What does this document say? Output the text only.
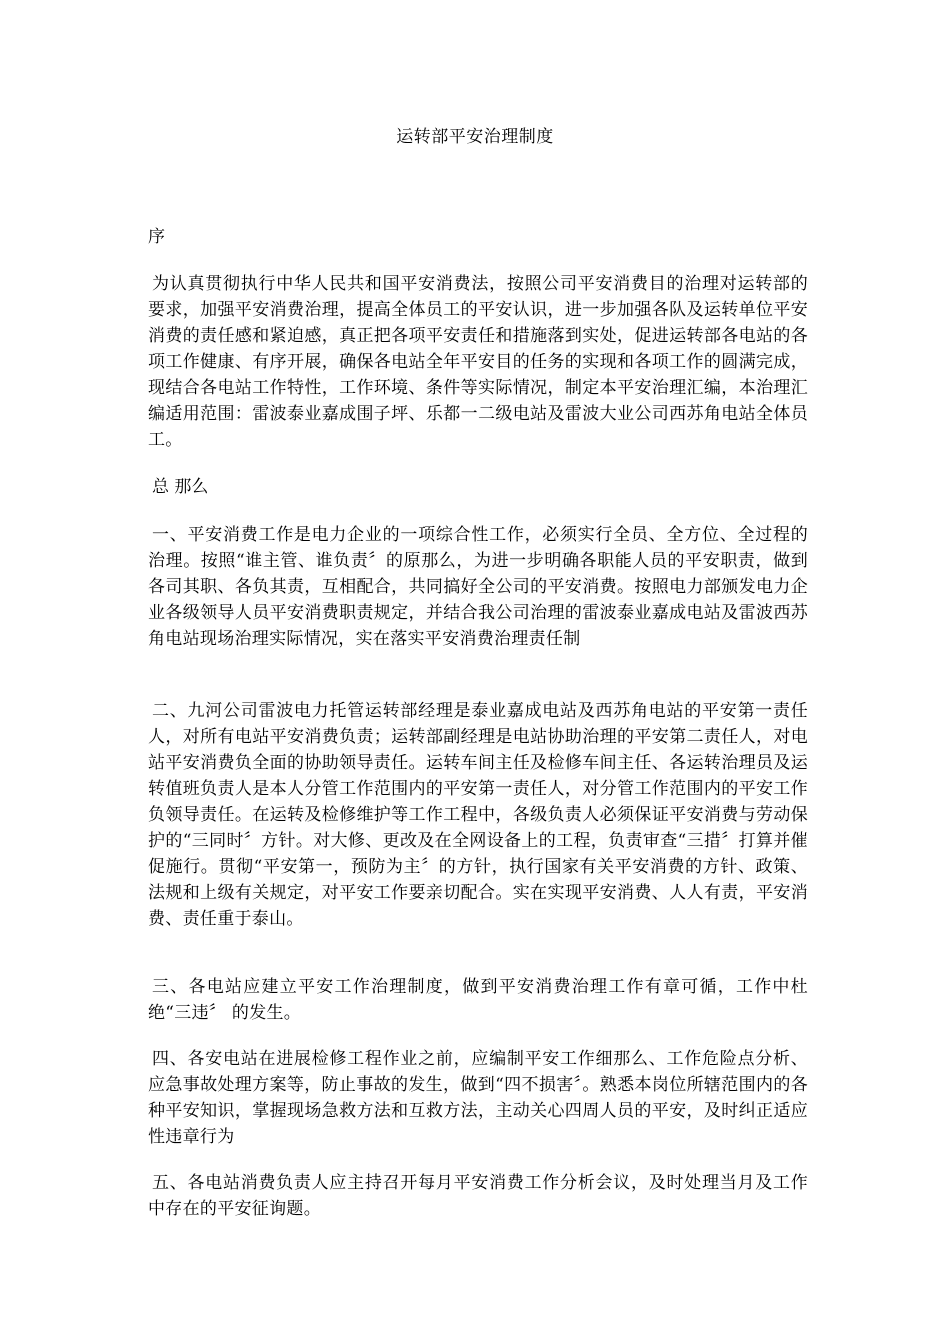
运转部平安治理制度
序
为认真贯彻执行中华人民共和国平安消费法，按照公司平安消费目的治理对运转部的要求，加强平安消费治理，提高全体员工的平安认识，进一步加强各队及运转单位平安消费的责任感和紧迫感，真正把各项平安责任和措施落到实处，促进运转部各电站的各项工作健康、有序开展，确保各电站全年平安目的任务的实现和各项工作的圆满完成，现结合各电站工作特性，工作环境、条件等实际情况，制定本平安治理汇编，本治理汇编适用范围：雷波泰业嘉成围子坪、乐都一二级电站及雷波大业公司西苏角电站全体员工。
总 那么
一、平安消费工作是电力企业的一项综合性工作，必须实行全员、全方位、全过程的治理。按照“谁主管、谁负责〞的原那么，为进一步明确各职能人员的平安职责，做到各司其职、各负其责，互相配合，共同搞好全公司的平安消费。按照电力部颁发电力企业各级领导人员平安消费职责规定，并结合我公司治理的雷波泰业嘉成电站及雷波西苏角电站现场治理实际情况，实在落实平安消费治理责任制
二、九河公司雷波电力托管运转部经理是泰业嘉成电站及西苏角电站的平安第一责任人，对所有电站平安消费负责；运转部副经理是电站协助治理的平安第二责任人，对电站平安消费负全面的协助领导责任。运转车间主任及检修车间主任、各运转治理员及运转值班负责人是本人分管工作范围内的平安第一责任人，对分管工作范围内的平安工作负领导责任。在运转及检修维护等工作工程中，各级负责人必须保证平安消费与劳动保护的“三同时〞方针。对大修、更改及在全网设备上的工程，负责审查“三措〞打算并催促施行。贯彻“平安第一，预防为主〞的方针，执行国家有关平安消费的方针、政策、法规和上级有关规定，对平安工作要亲切配合。实在实现平安消费、人人有责，平安消费、责任重于泰山。
三、各电站应建立平安工作治理制度，做到平安消费治理工作有章可循，工作中杜绝“三违〞 的发生。
四、各安电站在进展检修工程作业之前，应编制平安工作细那么、工作危险点分析、应急事故处理方案等，防止事故的发生，做到“四不损害〞。熟悉本岗位所辖范围内的各种平安知识，掌握现场急救方法和互救方法，主动关心四周人员的平安，及时纠正适应性违章行为
五、各电站消费负责人应主持召开每月平安消费工作分析会议，及时处理当月及工作中存在的平安征询题。
